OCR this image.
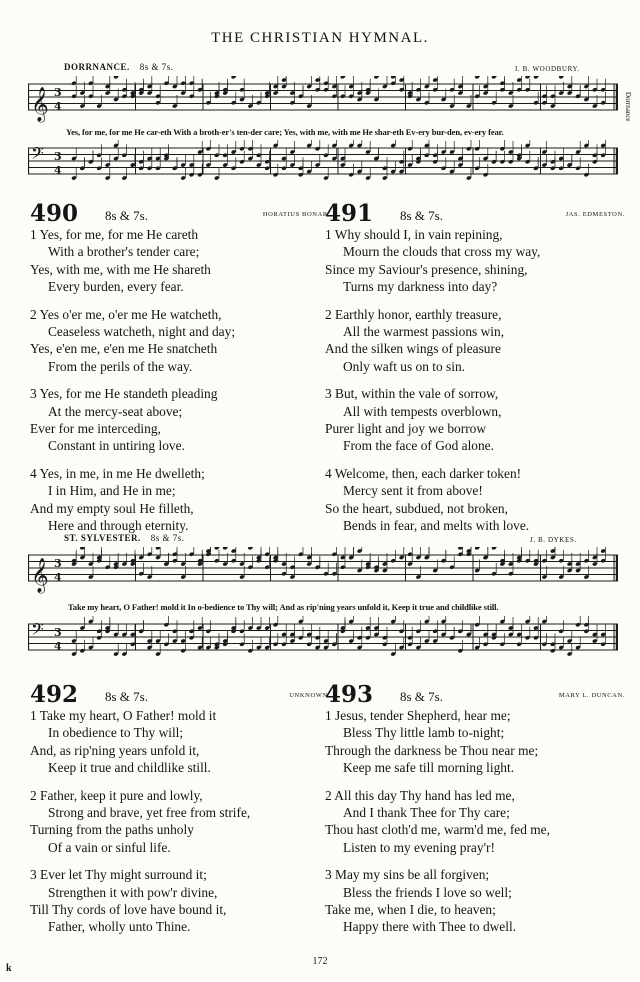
THE CHRISTIAN HYMNAL.
DORRNANCE. 8s & 7s.	I. B. WOODBURY.
𝄞 3
4
Yes, for me, for me He car-eth With a broth-er's ten-der care; Yes, with me, with me He shar-eth Ev-ery bur-den, ev-ery fear.
𝄢 3
4
Dorrnance
490 8s & 7s.	HORATIUS BONAR.
1 Yes, for me, for me He careth
With a brother's tender care;
Yes, with me, with me He shareth
Every burden, every fear.
2 Yes o'er me, o'er me He watcheth,
Ceaseless watcheth, night and day;
Yes, e'en me, e'en me He snatcheth
From the perils of the way.
3 Yes, for me He standeth pleading
At the mercy-seat above;
Ever for me interceding,
Constant in untiring love.
4 Yes, in me, in me He dwelleth;
I in Him, and He in me;
And my empty soul He filleth,
Here and through eternity.
491 8s & 7s.	JAS. EDMESTON.
1 Why should I, in vain repining,
Mourn the clouds that cross my way,
Since my Saviour's presence, shining,
Turns my darkness into day?
2 Earthly honor, earthly treasure,
All the warmest passions win,
And the silken wings of pleasure
Only waft us on to sin.
3 But, within the vale of sorrow,
All with tempests overblown,
Purer light and joy we borrow
From the face of God alone.
4 Welcome, then, each darker token!
Mercy sent it from above!
So the heart, subdued, not broken,
Bends in fear, and melts with love.
ST. SYLVESTER. 8s & 7s.	J. B. DYKES.
𝄞 3
4
Take my heart, O Father! mold it In o-bedience to Thy will; And as rip'ning years unfold it, Keep it true and childlike still.
𝄢 3
4
492 8s & 7s.	UNKNOWN.
1 Take my heart, O Father! mold it
In obedience to Thy will;
And, as rip'ning years unfold it,
Keep it true and childlike still.
2 Father, keep it pure and lowly,
Strong and brave, yet free from strife,
Turning from the paths unholy
Of a vain or sinful life.
3 Ever let Thy might surround it;
Strengthen it with pow'r divine,
Till Thy cords of love have bound it,
Father, wholly unto Thine.
493 8s & 7s.	MARY L. DUNCAN.
1 Jesus, tender Shepherd, hear me;
Bless Thy little lamb to-night;
Through the darkness be Thou near me;
Keep me safe till morning light.
2 All this day Thy hand has led me,
And I thank Thee for Thy care;
Thou hast cloth'd me, warm'd me, fed me,
Listen to my evening pray'r!
3 May my sins be all forgiven;
Bless the friends I love so well;
Take me, when I die, to heaven;
Happy there with Thee to dwell.
172
k
